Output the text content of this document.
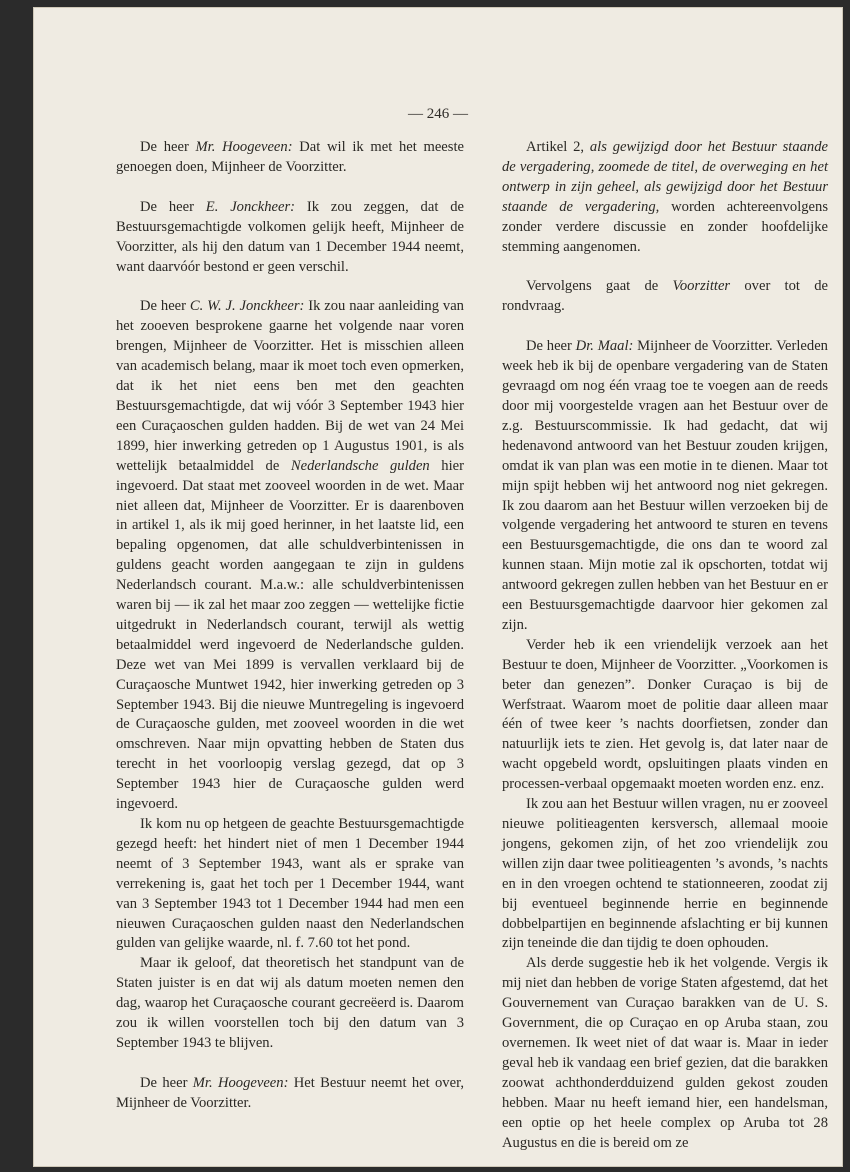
— 246 —

De heer Mr. Hoogeveen: Dat wil ik met het meeste genoegen doen, Mijnheer de Voorzitter.

De heer E. Jonckheer: Ik zou zeggen, dat de Bestuursgemachtigde volkomen gelijk heeft, Mijnheer de Voorzitter, als hij den datum van 1 December 1944 neemt, want daarvóór bestond er geen verschil.

De heer C. W. J. Jonckheer: Ik zou naar aanleiding van het zooeven besprokene gaarne het volgende naar voren brengen, Mijnheer de Voorzitter. Het is misschien alleen van academisch belang, maar ik moet toch even opmerken, dat ik het niet eens ben met den geachten Bestuursgemachtigde, dat wij vóór 3 September 1943 hier een Curaçaoschen gulden hadden. Bij de wet van 24 Mei 1899, hier inwerking getreden op 1 Augustus 1901, is als wettelijk betaalmiddel de Nederlandsche gulden hier ingevoerd. Dat staat met zooveel woorden in de wet. Maar niet alleen dat, Mijnheer de Voorzitter. Er is daarenboven in artikel 1, als ik mij goed herinner, in het laatste lid, een bepaling opgenomen, dat alle schuldverbintenissen in guldens geacht worden aangegaan te zijn in guldens Nederlandsch courant. M.a.w.: alle schuldverbintenissen waren bij — ik zal het maar zoo zeggen — wettelijke fictie uitgedrukt in Nederlandsch courant, terwijl als wettig betaalmiddel werd ingevoerd de Nederlandsche gulden. Deze wet van Mei 1899 is vervallen verklaard bij de Curaçaosche Muntwet 1942, hier inwerking getreden op 3 September 1943. Bij die nieuwe Muntregeling is ingevoerd de Curaçaosche gulden, met zooveel woorden in die wet omschreven. Naar mijn opvatting hebben de Staten dus terecht in het voorloopig verslag gezegd, dat op 3 September 1943 hier de Curaçaosche gulden werd ingevoerd.

Ik kom nu op hetgeen de geachte Bestuursgemachtigde gezegd heeft: het hindert niet of men 1 December 1944 neemt of 3 September 1943, want als er sprake van verrekening is, gaat het toch per 1 December 1944, want van 3 September 1943 tot 1 December 1944 had men een nieuwen Curaçaoschen gulden naast den Nederlandschen gulden van gelijke waarde, nl. f. 7.60 tot het pond.

Maar ik geloof, dat theoretisch het standpunt van de Staten juister is en dat wij als datum moeten nemen den dag, waarop het Curaçaosche courant gecreëerd is. Daarom zou ik willen voorstellen toch bij den datum van 3 September 1943 te blijven.

De heer Mr. Hoogeveen: Het Bestuur neemt het over, Mijnheer de Voorzitter.

Artikel 2, als gewijzigd door het Bestuur staande de vergadering, zoomede de titel, de overweging en het ontwerp in zijn geheel, als gewijzigd door het Bestuur staande de vergadering, worden achtereenvolgens zonder verdere discussie en zonder hoofdelijke stemming aangenomen.

Vervolgens gaat de Voorzitter over tot de rondvraag.

De heer Dr. Maal: Mijnheer de Voorzitter. Verleden week heb ik bij de openbare vergadering van de Staten gevraagd om nog één vraag toe te voegen aan de reeds door mij voorgestelde vragen aan het Bestuur over de z.g. Bestuurscommissie. Ik had gedacht, dat wij hedenavond antwoord van het Bestuur zouden krijgen, omdat ik van plan was een motie in te dienen. Maar tot mijn spijt hebben wij het antwoord nog niet gekregen. Ik zou daarom aan het Bestuur willen verzoeken bij de volgende vergadering het antwoord te sturen en tevens een Bestuursgemachtigde, die ons dan te woord zal kunnen staan. Mijn motie zal ik opschorten, totdat wij antwoord gekregen zullen hebben van het Bestuur en er een Bestuursgemachtigde daarvoor hier gekomen zal zijn.

Verder heb ik een vriendelijk verzoek aan het Bestuur te doen, Mijnheer de Voorzitter. „Voorkomen is beter dan genezen”. Donker Curaçao is bij de Werfstraat. Waarom moet de politie daar alleen maar één of twee keer ’s nachts doorfietsen, zonder dan natuurlijk iets te zien. Het gevolg is, dat later naar de wacht opgebeld wordt, opsluitingen plaats vinden en processen-verbaal opgemaakt moeten worden enz. enz.

Ik zou aan het Bestuur willen vragen, nu er zooveel nieuwe politieagenten kersversch, allemaal mooie jongens, gekomen zijn, of het zoo vriendelijk zou willen zijn daar twee politieagenten ’s avonds, ’s nachts en in den vroegen ochtend te stationneeren, zoodat zij bij eventueel beginnende herrie en beginnende dobbelpartijen en beginnende afslachting er bij kunnen zijn teneinde die dan tijdig te doen ophouden.

Als derde suggestie heb ik het volgende. Vergis ik mij niet dan hebben de vorige Staten afgestemd, dat het Gouvernement van Curaçao barakken van de U. S. Government, die op Curaçao en op Aruba staan, zou overnemen. Ik weet niet of dat waar is. Maar in ieder geval heb ik vandaag een brief gezien, dat die barakken zoowat achthonderdduizend gulden gekost zouden hebben. Maar nu heeft iemand hier, een handelsman, een optie op het heele complex op Aruba tot 28 Augustus en die is bereid om ze
